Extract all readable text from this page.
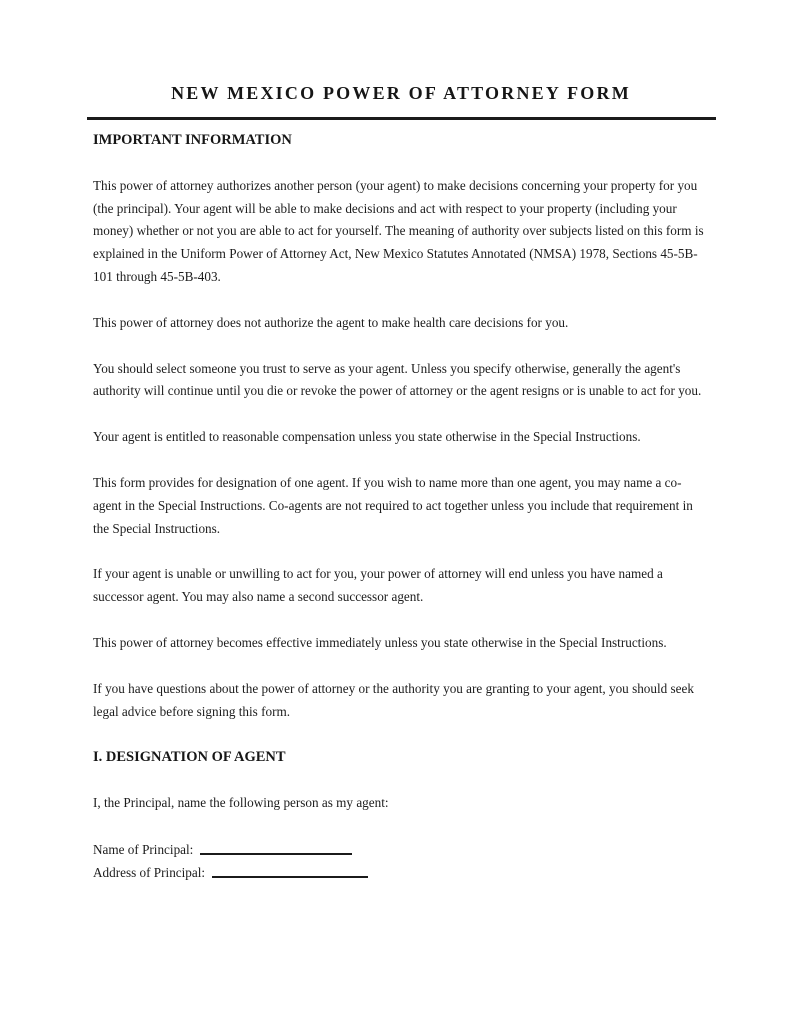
NEW MEXICO POWER OF ATTORNEY FORM
IMPORTANT INFORMATION

This power of attorney authorizes another person (your agent) to make decisions concerning your property for you (the principal). Your agent will be able to make decisions and act with respect to your property (including your money) whether or not you are able to act for yourself. The meaning of authority over subjects listed on this form is explained in the Uniform Power of Attorney Act, New Mexico Statutes Annotated (NMSA) 1978, Sections 45-5B-101 through 45-5B-403.

This power of attorney does not authorize the agent to make health care decisions for you.

You should select someone you trust to serve as your agent. Unless you specify otherwise, generally the agent's authority will continue until you die or revoke the power of attorney or the agent resigns or is unable to act for you.

Your agent is entitled to reasonable compensation unless you state otherwise in the Special Instructions.

This form provides for designation of one agent. If you wish to name more than one agent, you may name a co-agent in the Special Instructions. Co-agents are not required to act together unless you include that requirement in the Special Instructions.

If your agent is unable or unwilling to act for you, your power of attorney will end unless you have named a successor agent. You may also name a second successor agent.

This power of attorney becomes effective immediately unless you state otherwise in the Special Instructions.

If you have questions about the power of attorney or the authority you are granting to your agent, you should seek legal advice before signing this form.

I. DESIGNATION OF AGENT

I, the Principal, name the following person as my agent:

Name of Principal:
Address of Principal:
